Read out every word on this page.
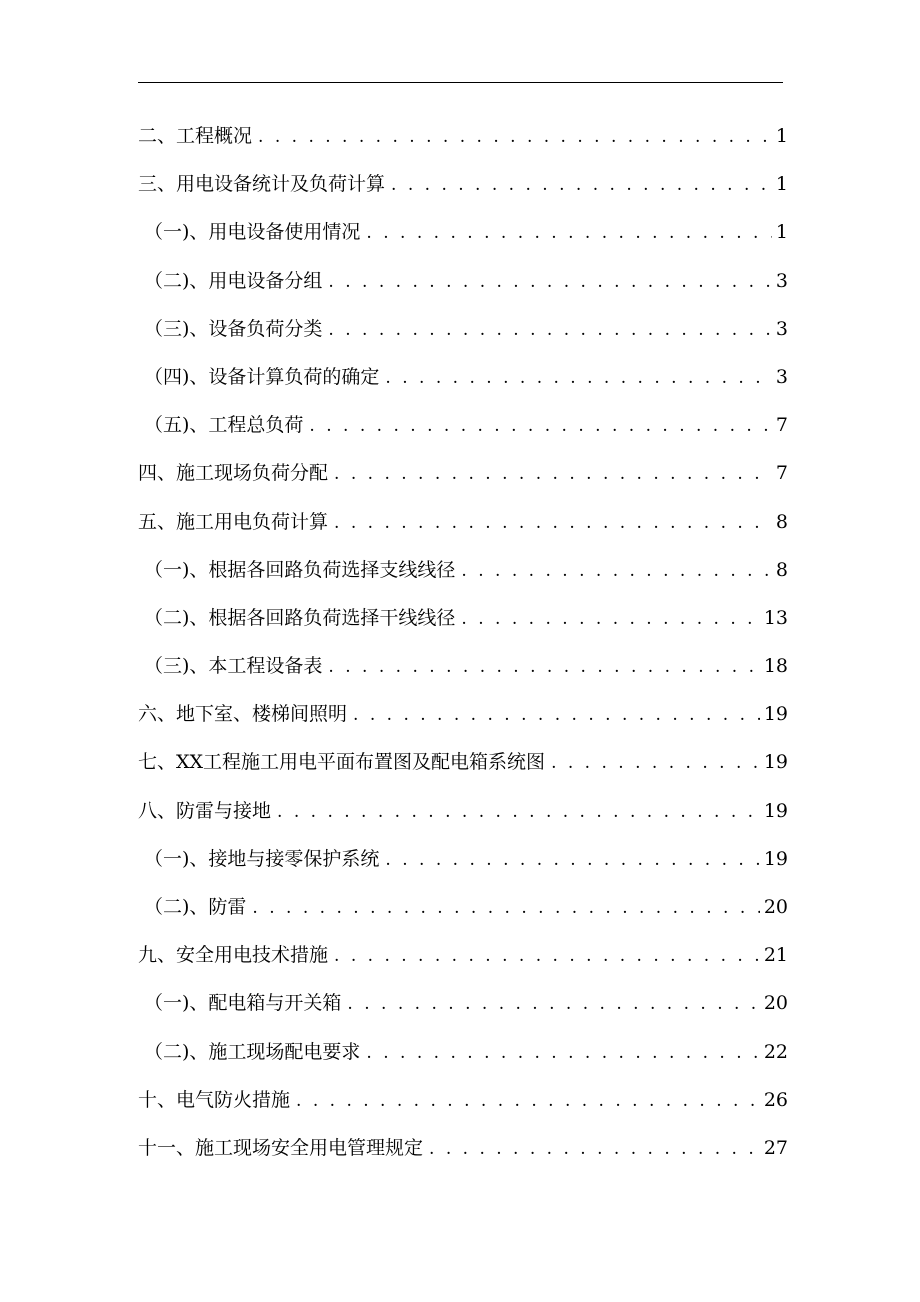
二、工程概况 . . .	1
三、用电设备统计及负荷计算 . . .	1
（一)、用电设备使用情况 . . .	1
（二)、用电设备分组 . . .	3
（三)、设备负荷分类 . . .	3
（四)、设备计算负荷的确定 . . .	3
（五)、工程总负荷 . . .	7
四、施工现场负荷分配 . . .	7
五、施工用电负荷计算 . . .	8
（一)、根据各回路负荷选择支线线径 . . .	8
（二)、根据各回路负荷选择干线线径 . . .	13
（三)、本工程设备表 . . .	18
六、地下室、楼梯间照明 . . .	19
七、XX工程施工用电平面布置图及配电箱系统图 . . .	19
八、防雷与接地 . . .	19
（一)、接地与接零保护系统 . . .	19
（二)、防雷 . . .	20
九、安全用电技术措施 . . .	21
（一)、配电箱与开关箱 . . .	20
（二)、施工现场配电要求 . . .	22
十、电气防火措施 . . .	26
十一、施工现场安全用电管理规定 . . .	27
